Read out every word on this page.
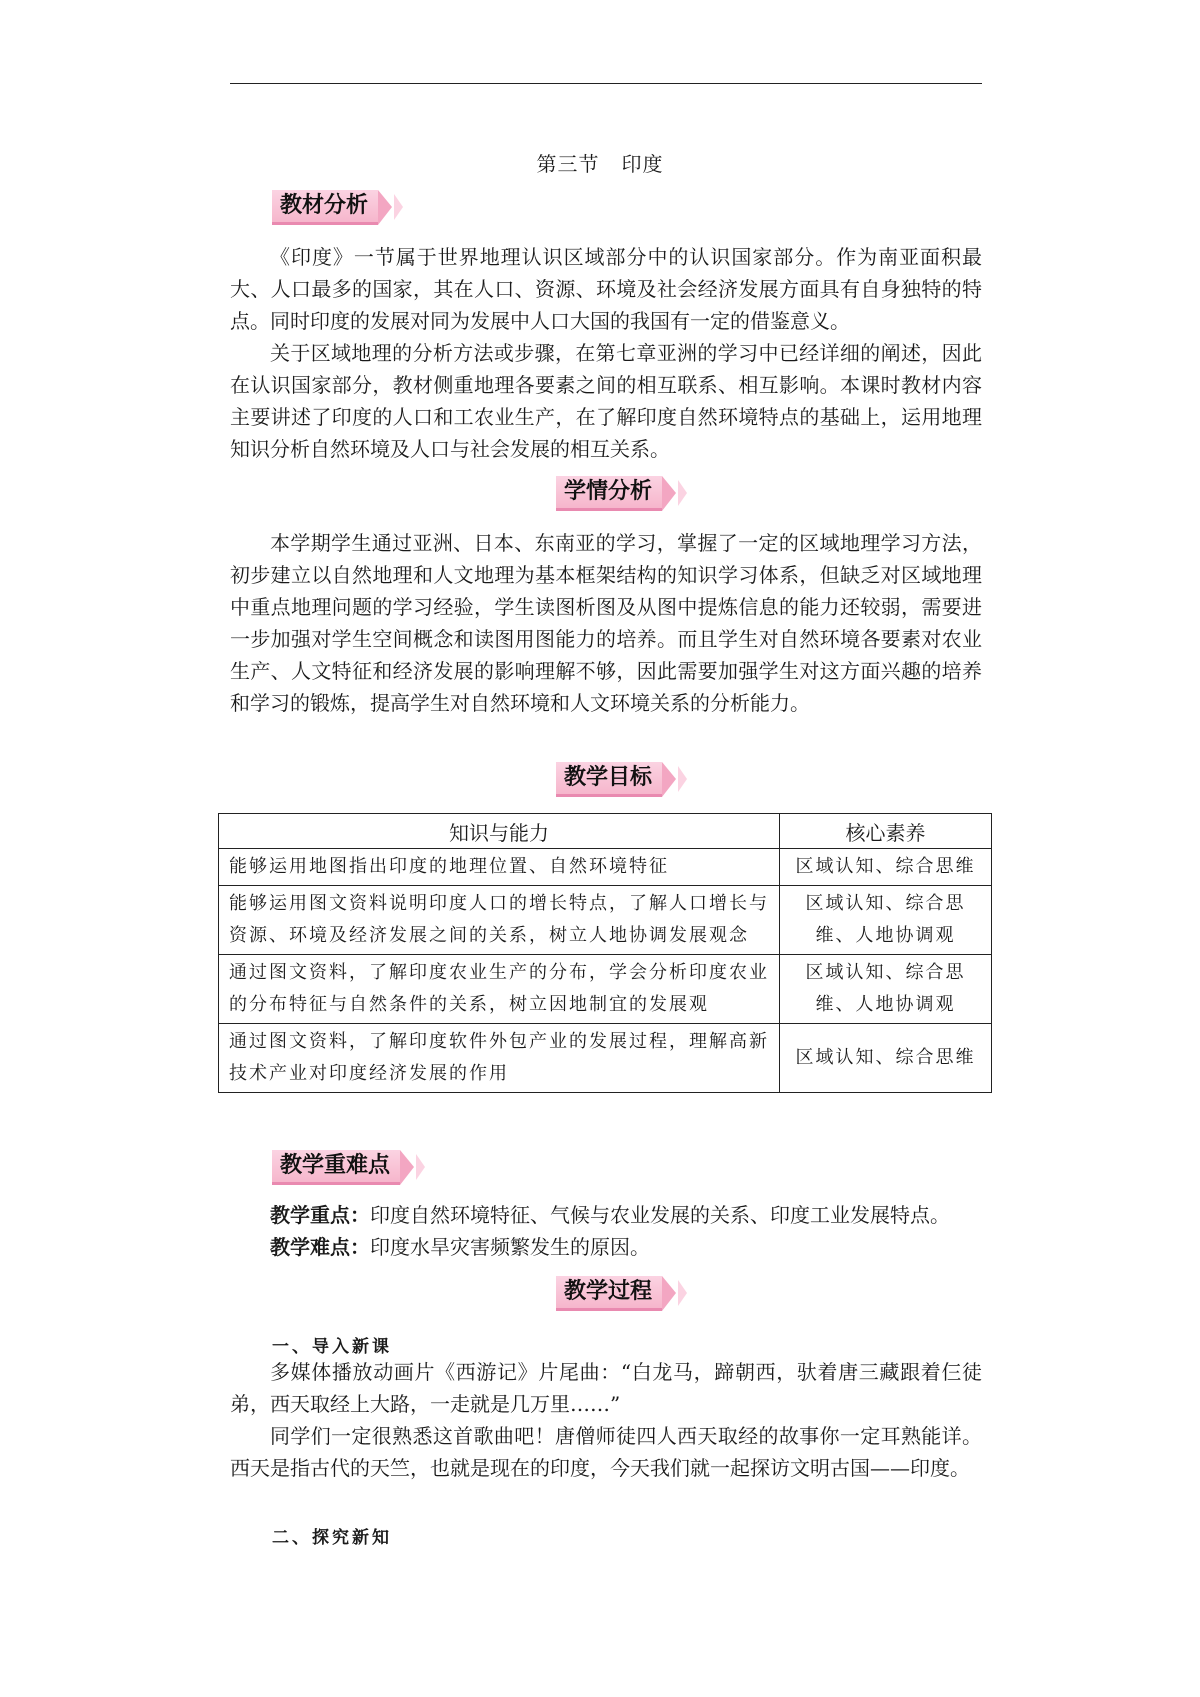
第三节 印度
教材分析

《印度》一节属于世界地理认识区域部分中的认识国家部分。作为南亚面积最大、人口最多的国家，其在人口、资源、环境及社会经济发展方面具有自身独特的特点。同时印度的发展对同为发展中人口大国的我国有一定的借鉴意义。

关于区域地理的分析方法或步骤，在第七章亚洲的学习中已经详细的阐述，因此在认识国家部分，教材侧重地理各要素之间的相互联系、相互影响。本课时教材内容主要讲述了印度的人口和工农业生产，在了解印度自然环境特点的基础上，运用地理知识分析自然环境及人口与社会发展的相互关系。

学情分析

本学期学生通过亚洲、日本、东南亚的学习，掌握了一定的区域地理学习方法，初步建立以自然地理和人文地理为基本框架结构的知识学习体系，但缺乏对区域地理中重点地理问题的学习经验，学生读图析图及从图中提炼信息的能力还较弱，需要进一步加强对学生空间概念和读图用图能力的培养。而且学生对自然环境各要素对农业生产、人文特征和经济发展的影响理解不够，因此需要加强学生对这方面兴趣的培养和学习的锻炼，提高学生对自然环境和人文环境关系的分析能力。

教学目标
知识与能力	核心素养
能够运用地图指出印度的地理位置、自然环境特征	区域认知、综合思维
能够运用图文资料说明印度人口的增长特点，了解人口增长与资源、环境及经济发展之间的关系，树立人地协调发展观念	区域认知、综合思维、人地协调观
通过图文资料，了解印度农业生产的分布，学会分析印度农业的分布特征与自然条件的关系，树立因地制宜的发展观	区域认知、综合思维、人地协调观
通过图文资料，了解印度软件外包产业的发展过程，理解高新技术产业对印度经济发展的作用	区域认知、综合思维
教学重难点
教学重点：印度自然环境特征、气候与农业发展的关系、印度工业发展特点。
教学难点：印度水旱灾害频繁发生的原因。
教学过程
一、导入新课

多媒体播放动画片《西游记》片尾曲：“白龙马，蹄朝西，驮着唐三藏跟着仨徒弟，西天取经上大路，一走就是几万里……”

同学们一定很熟悉这首歌曲吧！唐僧师徒四人西天取经的故事你一定耳熟能详。西天是指古代的天竺，也就是现在的印度，今天我们就一起探访文明古国——印度。

二、探究新知
